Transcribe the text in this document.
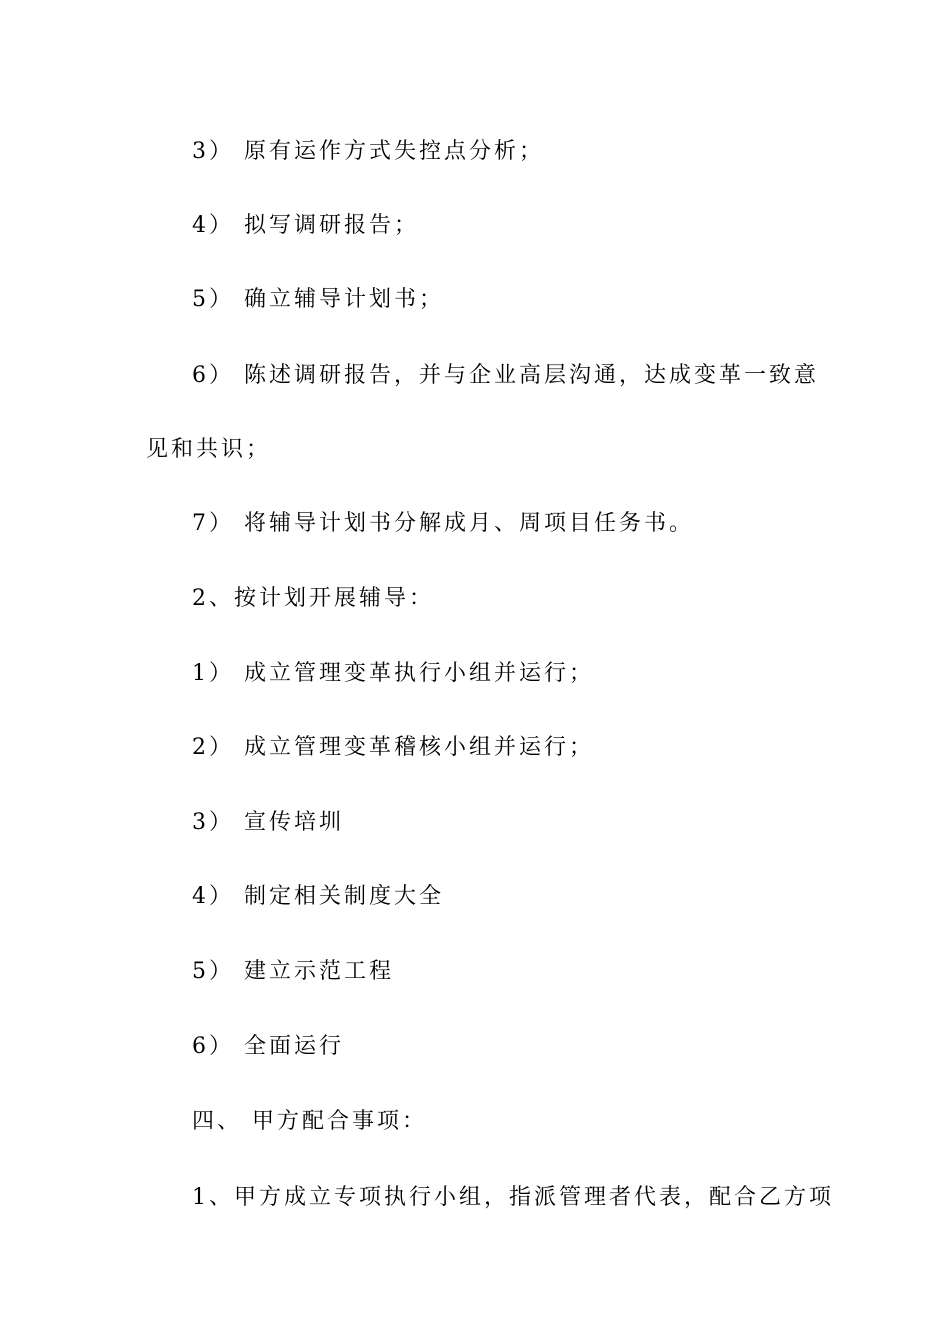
3） 原有运作方式失控点分析；
4） 拟写调研报告；
5） 确立辅导计划书；
6） 陈述调研报告，并与企业高层沟通，达成变革一致意
见和共识；
7） 将辅导计划书分解成月、周项目任务书。
2、按计划开展辅导：
1） 成立管理变革执行小组并运行；
2） 成立管理变革稽核小组并运行；
3） 宣传培圳
4） 制定相关制度大全
5） 建立示范工程
6） 全面运行
四、 甲方配合事项：
1、甲方成立专项执行小组，指派管理者代表，配合乙方项
